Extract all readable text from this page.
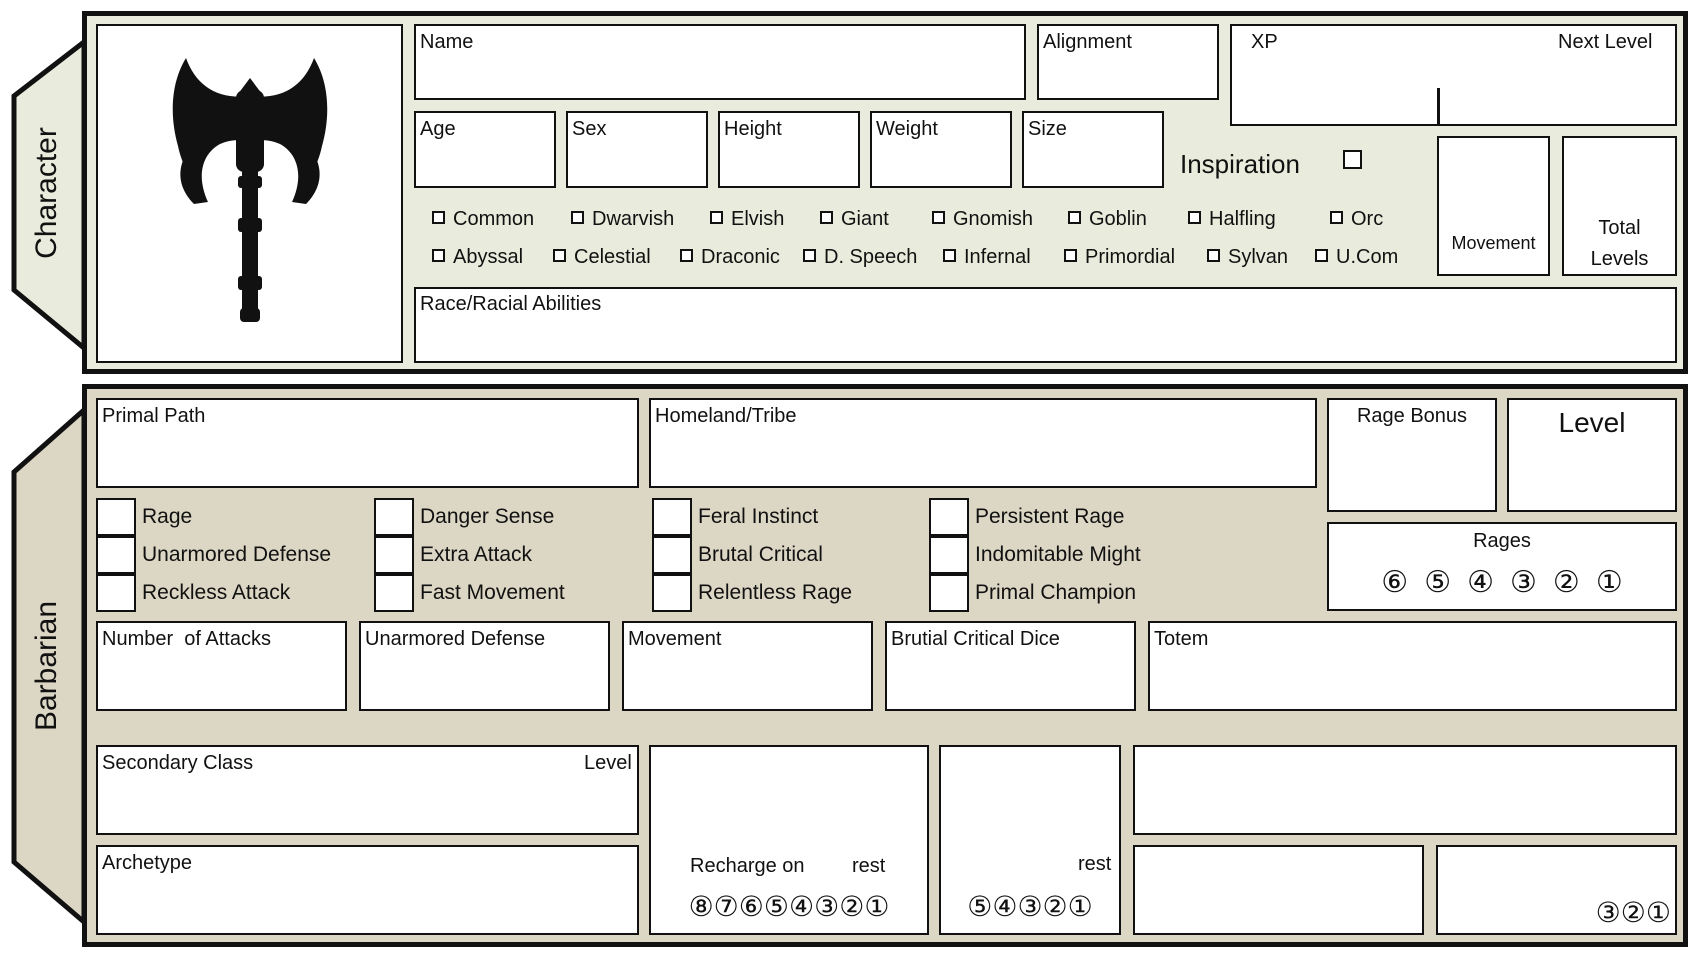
Character
Name	Alignment	XP	Next Level
Age	Sex	Height	Weight	Size
Inspiration
Movement
Total
Levels
Common	Dwarvish	Elvish	Giant	Gnomish	Goblin	Halfling	Orc
Abyssal	Celestial	Draconic	D. Speech	Infernal	Primordial	Sylvan	U.Com
Race/Racial Abilities
Barbarian
Primal Path	Homeland/Tribe	Rage Bonus	Level
Rages
⑥ ⑤ ④ ③ ② ①
Rage
Unarmored Defense
Reckless Attack
Danger Sense
Extra Attack
Fast Movement
Feral Instinct
Brutal Critical
Relentless Rage
Persistent Rage
Indomitable Might
Primal Champion
Number  of Attacks	Unarmored Defense	Movement	Brutial Critical Dice	Totem
Secondary Class	Level
Archetype	Recharge on rest
⑧⑦⑥⑤④③②①
rest
⑤④③②①	③②①
